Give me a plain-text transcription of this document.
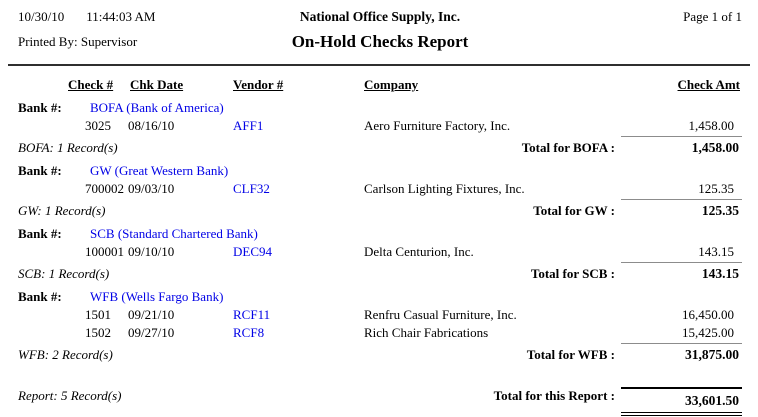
10/30/10 11:44:03 AM
Printed By: Supervisor
National Office Supply, Inc.
On-Hold Checks Report
Page 1 of 1
Check # Chk Date	Vendor #	Company	Check Amt
Bank #:	BOFA (Bank of America)
3025	08/16/10	AFF1	Aero Furniture Factory, Inc.	1,458.00
BOFA: 1 Record(s)	Total for BOFA :	1,458.00
Bank #:	GW (Great Western Bank)
700002 09/03/10	CLF32	Carlson Lighting Fixtures, Inc.	125.35
GW: 1 Record(s)	Total for GW :	125.35
Bank #:	SCB (Standard Chartered Bank)
100001 09/10/10	DEC94	Delta Centurion, Inc.	143.15
SCB: 1 Record(s)	Total for SCB :	143.15
Bank #:	WFB (Wells Fargo Bank)
1501	09/21/10	RCF11	Renfru Casual Furniture, Inc.	16,450.00
1502	09/27/10	RCF8	Rich Chair Fabrications	15,425.00
WFB: 2 Record(s)	Total for WFB :	31,875.00
Report: 5 Record(s)	Total for this Report :	33,601.50
